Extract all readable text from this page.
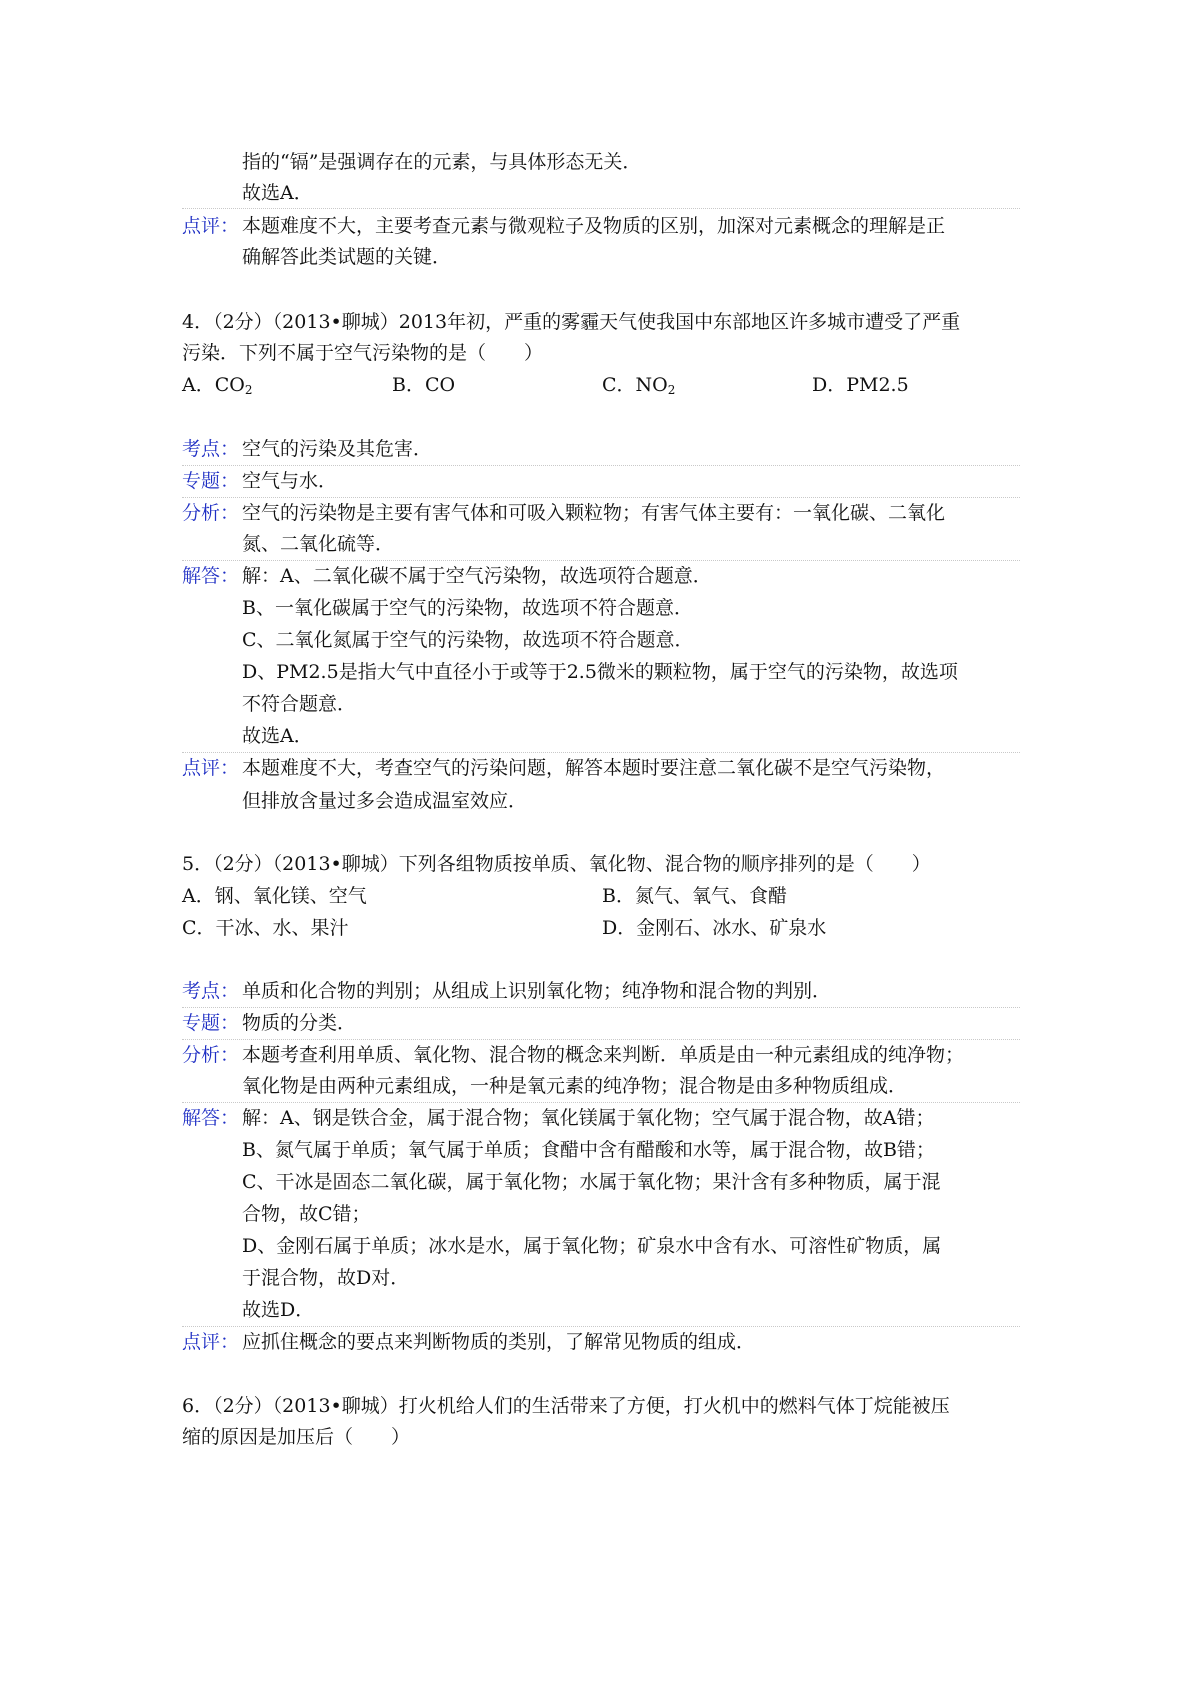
指的“镉”是强调存在的元素，与具体形态无关．
故选A．
点评： 本题难度不大，主要考查元素与微观粒子及物质的区别，加深对元素概念的理解是正
确解答此类试题的关键．
4．（2分）（2013•聊城）2013年初，严重的雾霾天气使我国中东部地区许多城市遭受了严重
污染．下列不属于空气污染物的是（　　）
A．$CO_2$	B．CO	C．$NO_2$	D．PM2.5
考点： 空气的污染及其危害．
专题： 空气与水．
分析： 空气的污染物是主要有害气体和可吸入颗粒物；有害气体主要有：一氧化碳、二氧化
氮、二氧化硫等．
解答： 解：A、二氧化碳不属于空气污染物，故选项符合题意．
B、一氧化碳属于空气的污染物，故选项不符合题意．
C、二氧化氮属于空气的污染物，故选项不符合题意．
D、PM2.5是指大气中直径小于或等于2.5微米的颗粒物，属于空气的污染物，故选项
不符合题意．
故选A．
点评： 本题难度不大，考查空气的污染问题，解答本题时要注意二氧化碳不是空气污染物，
但排放含量过多会造成温室效应．
5．（2分）（2013•聊城）下列各组物质按单质、氧化物、混合物的顺序排列的是（　　）
A．钢、氧化镁、空气	B．氮气、氧气、食醋
C．干冰、水、果汁	D．金刚石、冰水、矿泉水
考点： 单质和化合物的判别；从组成上识别氧化物；纯净物和混合物的判别．
专题： 物质的分类．
分析： 本题考查利用单质、氧化物、混合物的概念来判断．单质是由一种元素组成的纯净物；
氧化物是由两种元素组成，一种是氧元素的纯净物；混合物是由多种物质组成．
解答： 解：A、钢是铁合金，属于混合物；氧化镁属于氧化物；空气属于混合物，故A错；
B、氮气属于单质；氧气属于单质；食醋中含有醋酸和水等，属于混合物，故B错；
C、干冰是固态二氧化碳，属于氧化物；水属于氧化物；果汁含有多种物质，属于混
合物，故C错；
D、金刚石属于单质；冰水是水，属于氧化物；矿泉水中含有水、可溶性矿物质，属
于混合物，故D对．
故选D．
点评： 应抓住概念的要点来判断物质的类别，了解常见物质的组成．
6．（2分）（2013•聊城）打火机给人们的生活带来了方便，打火机中的燃料气体丁烷能被压
缩的原因是加压后（　　）
